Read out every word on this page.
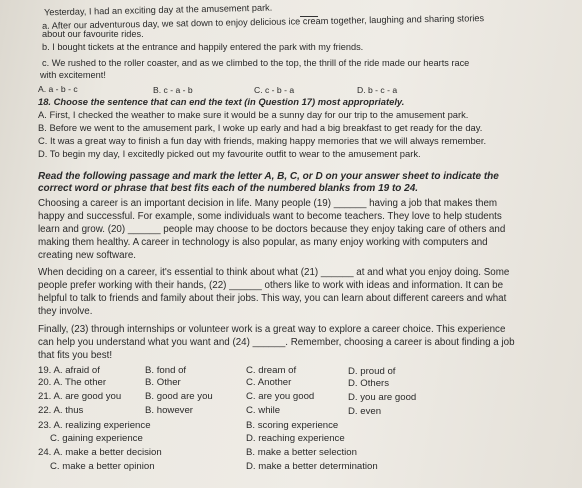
Yesterday, I had an exciting day at the amusement park.
a. After our adventurous day, we sat down to enjoy delicious ice cream together, laughing and sharing stories
about our favourite rides.
b. I bought tickets at the entrance and happily entered the park with my friends.
c. We rushed to the roller coaster, and as we climbed to the top, the thrill of the ride made our hearts race
with excitement!
A. a - b - c	B. c - a - b	C. c - b - a	D. b - c - a
18. Choose the sentence that can end the text (in Question 17) most appropriately.
A. First, I checked the weather to make sure it would be a sunny day for our trip to the amusement park.
B. Before we went to the amusement park, I woke up early and had a big breakfast to get ready for the day.
C. It was a great way to finish a fun day with friends, making happy memories that we will always remember.
D. To begin my day, I excitedly picked out my favourite outfit to wear to the amusement park.
Read the following passage and mark the letter A, B, C, or D on your answer sheet to indicate the
correct word or phrase that best fits each of the numbered blanks from 19 to 24.
Choosing a career is an important decision in life. Many people (19) ______ having a job that makes them
happy and successful. For example, some individuals want to become teachers. They love to help students
learn and grow. (20) ______ people may choose to be doctors because they enjoy taking care of others and
making them healthy. A career in technology is also popular, as many enjoy working with computers and
creating new software.
When deciding on a career, it's essential to think about what (21) ______ at and what you enjoy doing. Some
people prefer working with their hands, (22) ______ others like to work with ideas and information. It can be
helpful to talk to friends and family about their jobs. This way, you can learn about different careers and what
they involve.
Finally, (23) through internships or volunteer work is a great way to explore a career choice. This experience
can help you understand what you want and (24) ______. Remember, choosing a career is about finding a job
that fits you best!
19. A. afraid of	B. fond of	C. dream of	D. proud of
20. A. The other	B. Other	C. Another	D. Others
21. A. are good you B. good are you	C. are you good	D. you are good
22. A. thus	B. however	C. while	D. even
23. A. realizing experience	B. scoring experience
C. gaining experience	D. reaching experience
24. A. make a better decision	B. make a better selection
C. make a better opinion	D. make a better determination
